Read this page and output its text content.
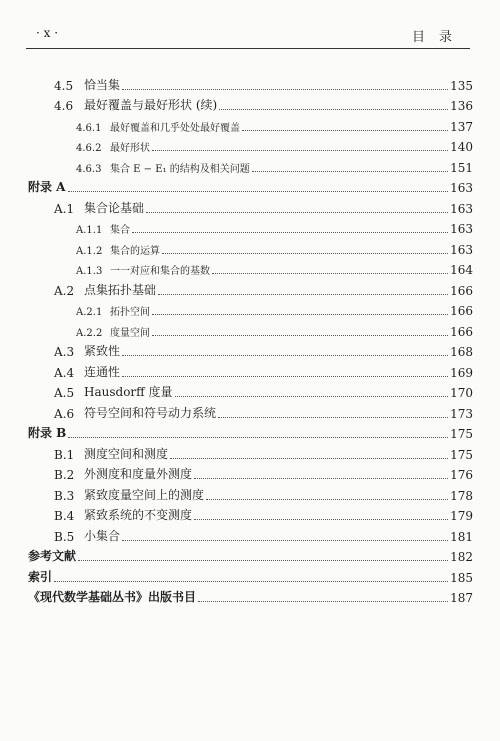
· x ·	目录
4.5 恰当集	135
4.6 最好覆盖与最好形状 (续)	136
4.6.1 最好覆盖和几乎处处最好覆盖	137
4.6.2 最好形状	140
4.6.3 集合 E − E₁ 的结构及相关问题	151
附录 A	163
A.1 集合论基础	163
A.1.1 集合	163
A.1.2 集合的运算	163
A.1.3 一一对应和集合的基数	164
A.2 点集拓扑基础	166
A.2.1 拓扑空间	166
A.2.2 度量空间	166
A.3 紧致性	168
A.4 连通性	169
A.5 Hausdorff 度量	170
A.6 符号空间和符号动力系统	173
附录 B	175
B.1 测度空间和测度	175
B.2 外测度和度量外测度	176
B.3 紧致度量空间上的测度	178
B.4 紧致系统的不变测度	179
B.5 小集合	181
参考文献	182
索引	185
《现代数学基础丛书》出版书目	187
